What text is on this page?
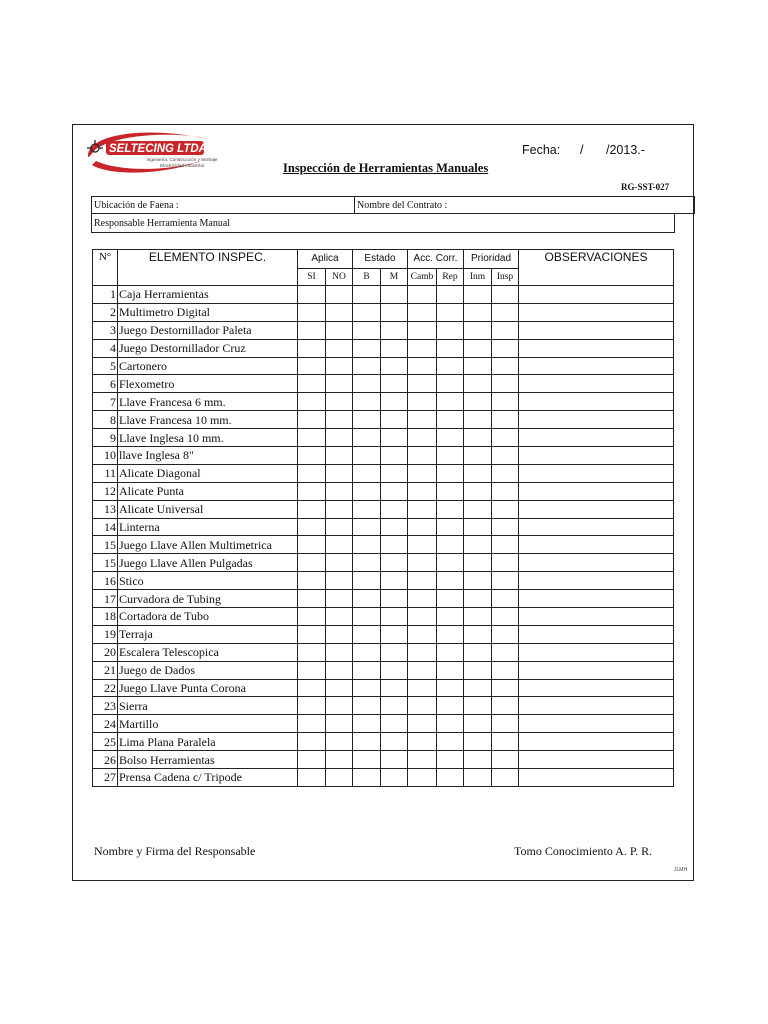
SELTECING LTDA.
Ingeniería, Construcción y Montaje
Electricidad Industrial
Fecha: / /2013.-
Inspección de Herramientas Manuales
RG-SST-027
Ubicación de Faena :	Nombre del Contrato :
Responsable Herramienta Manual
N°	ELEMENTO INSPEC.	Aplica		Estado		Acc. Corr.		Prioridad		OBSERVACIONES
		SI	NO	B	M	Camb	Rep	Inm	Insp	
1	Caja Herramientas									
2	Multimetro Digital									
3	Juego Destornillador Paleta									
4	Juego Destornillador Cruz									
5	Cartonero									
6	Flexometro									
7	Llave Francesa 6 mm.									
8	Llave Francesa 10 mm.									
9	Llave Inglesa 10 mm.									
10	llave Inglesa 8"									
11	Alicate Diagonal									
12	Alicate Punta									
13	Alicate Universal									
14	Linterna									
15	Juego Llave Allen Multimetrica									
15	Juego Llave Allen Pulgadas									
16	Stico									
17	Curvadora de Tubing									
18	Cortadora de Tubo									
19	Terraja									
20	Escalera Telescopica									
21	Juego de Dados									
22	Juego Llave Punta Corona									
23	Sierra									
24	Martillo									
25	Lima Plana Paralela									
26	Bolso Herramientas									
27	Prensa Cadena c/ Tripode									
Nombre y Firma del Responsable	Tomo Conocimiento A. P. R.
JLMH
